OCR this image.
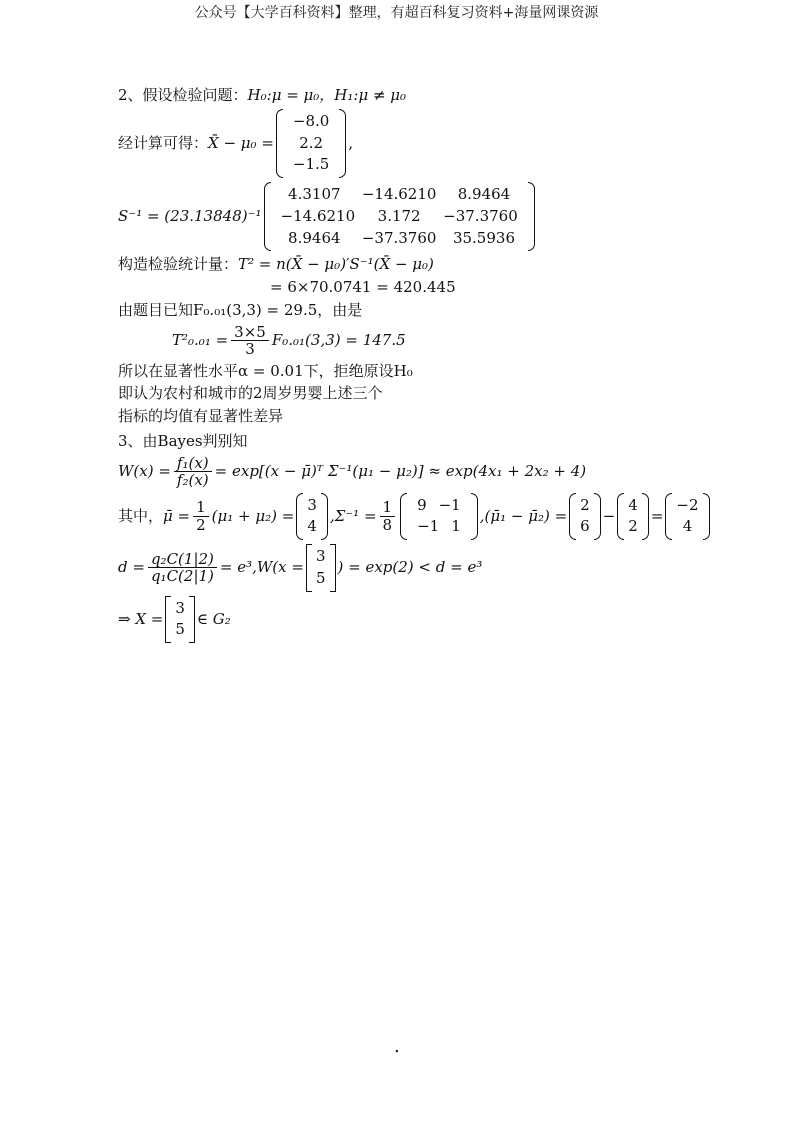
公众号【大学百科资料】整理，有超百科复习资料+海量网课资源
2、假设检验问题： H₀:μ = μ₀，H₁:μ ≠ μ₀
经计算可得： X̄ − μ₀ =
−8.0
2.2
−1.5
,
S⁻¹ = (23.13848)⁻¹
4.3107	−14.6210	8.9464
−14.6210	3.172	−37.3760
8.9464	−37.3760	35.5936
构造检验统计量： T² = n(X̄ − μ₀)′S⁻¹(X̄ − μ₀)
= 6×70.0741 = 420.445
由题目已知F₀.₀₁(3,3) = 29.5，由是
$T^2_0._{01} = \frac{3\times 5}{3} F_0._{01}(3,3) = 147.5$
所以在显著性水平α = 0.01下，拒绝原设H₀
即认为农村和城市的2周岁男婴上述三个
指标的均值有显著性差异
3、由Bayes判别知
$W(x) = \frac{\text{f₁(x)}}{\text{f₂(x)}} = \exp[(x$ − μ̄)ᵀ Σ⁻¹(μ₁ − μ₂)] ≈ exp(4x₁ + 2x₂ + 4)
其中， μ̄ = $\frac{1}{2} (\mu_1 + \mu_2)$ =
3
4
$,\Sigma^{-1} = \frac{1}{8}$	9 −1
−1 1
,(μ̄₁ − μ̄₂) =
2
6
−
4
2
=
−2
4
$d = \frac{\text{q₂C(1|2)}}{\text{q₁C(2|1)}} = e^3,W(x$ =
3
5
) = exp(2) < d = e³
⇒ X =
3
5
∈ G₂
.
